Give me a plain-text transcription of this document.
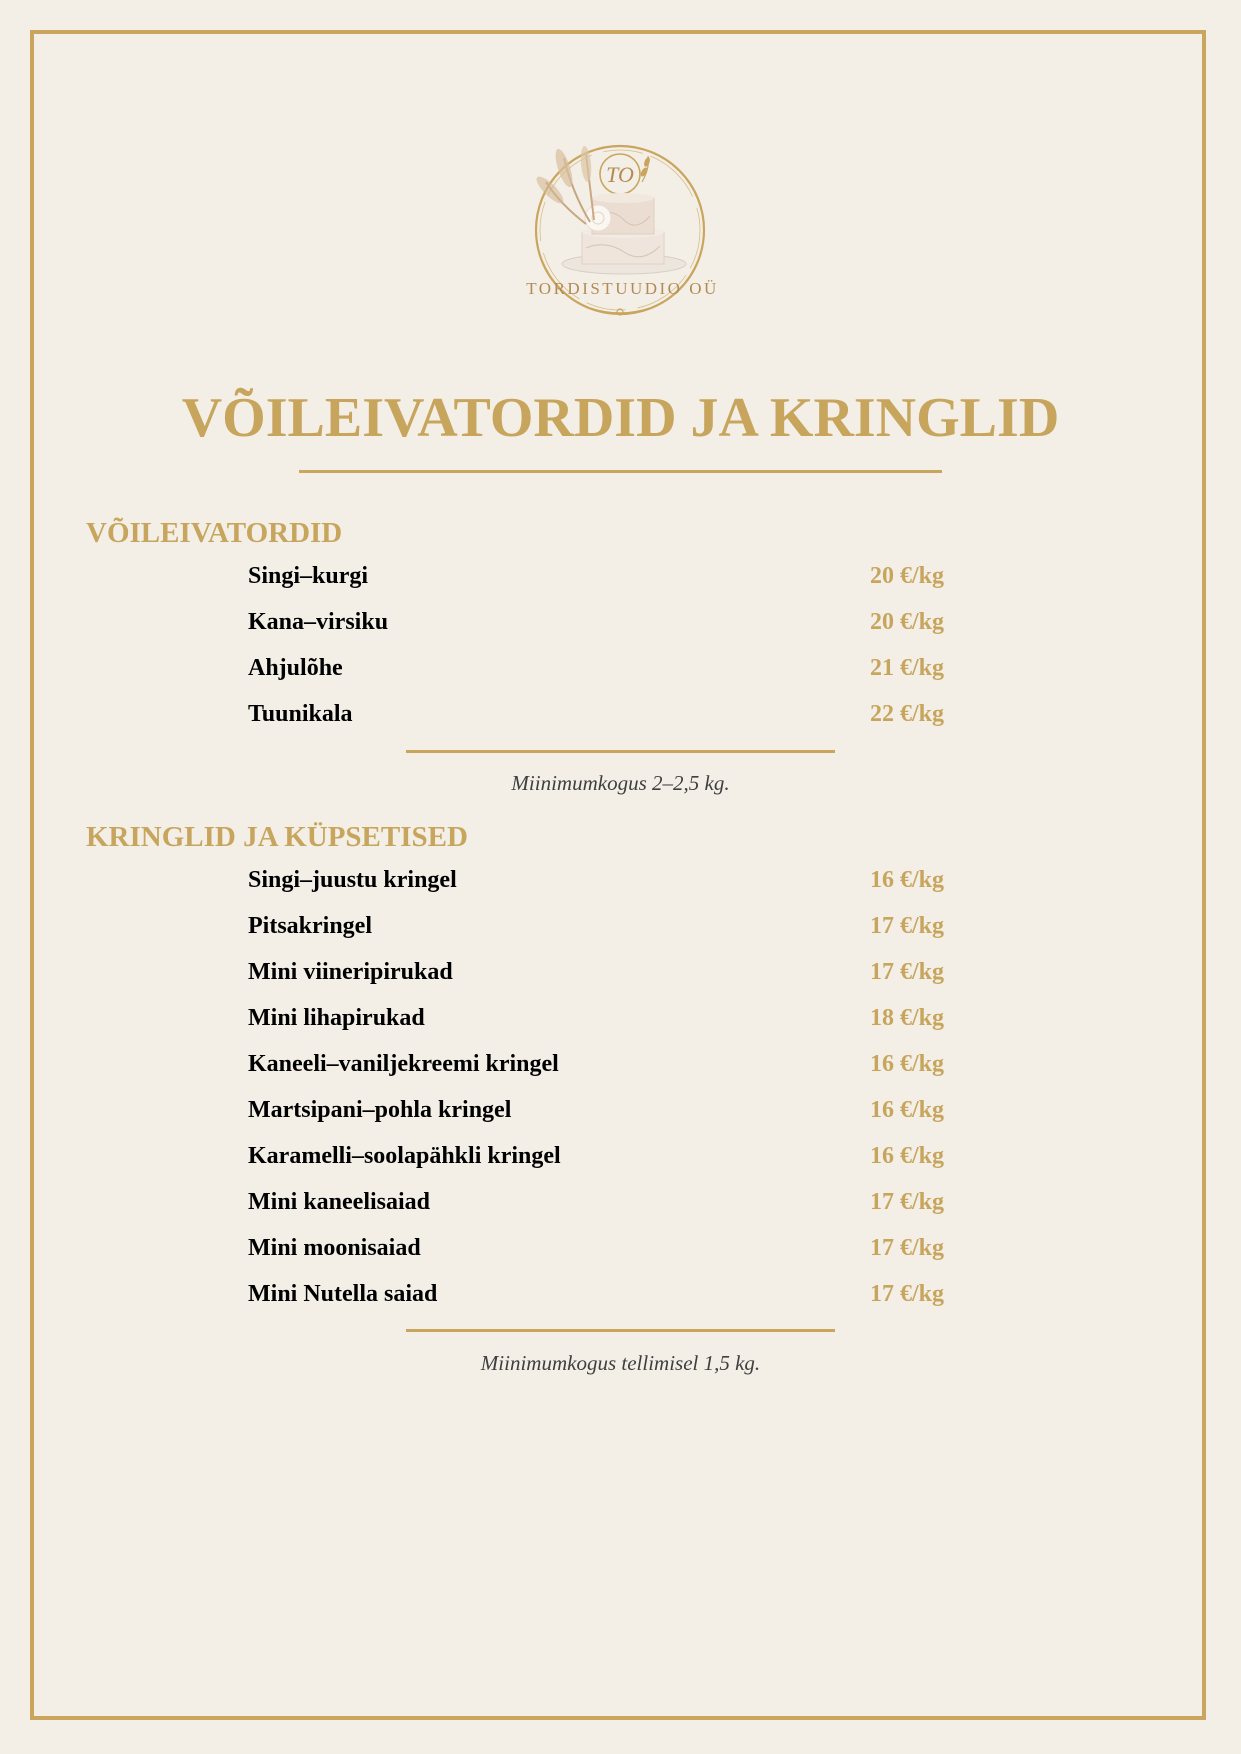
TO
TORDISTUUDIO OÜ
VÕILEIVATORDID JA KRINGLID
VÕILEIVATORDID
Singi–kurgi	20 €/kg
Kana–virsiku	20 €/kg
Ahjulõhe	21 €/kg
Tuunikala	22 €/kg
Miinimumkogus 2–2,5 kg.
KRINGLID JA KÜPSETISED
Singi–juustu kringel	16 €/kg
Pitsakringel	17 €/kg
Mini viineripirukad	17 €/kg
Mini lihapirukad	18 €/kg
Kaneeli–vaniljekreemi kringel	16 €/kg
Martsipani–pohla kringel	16 €/kg
Karamelli–soolapähkli kringel	16 €/kg
Mini kaneelisaiad	17 €/kg
Mini moonisaiad	17 €/kg
Mini Nutella saiad	17 €/kg
Miinimumkogus tellimisel 1,5 kg.
